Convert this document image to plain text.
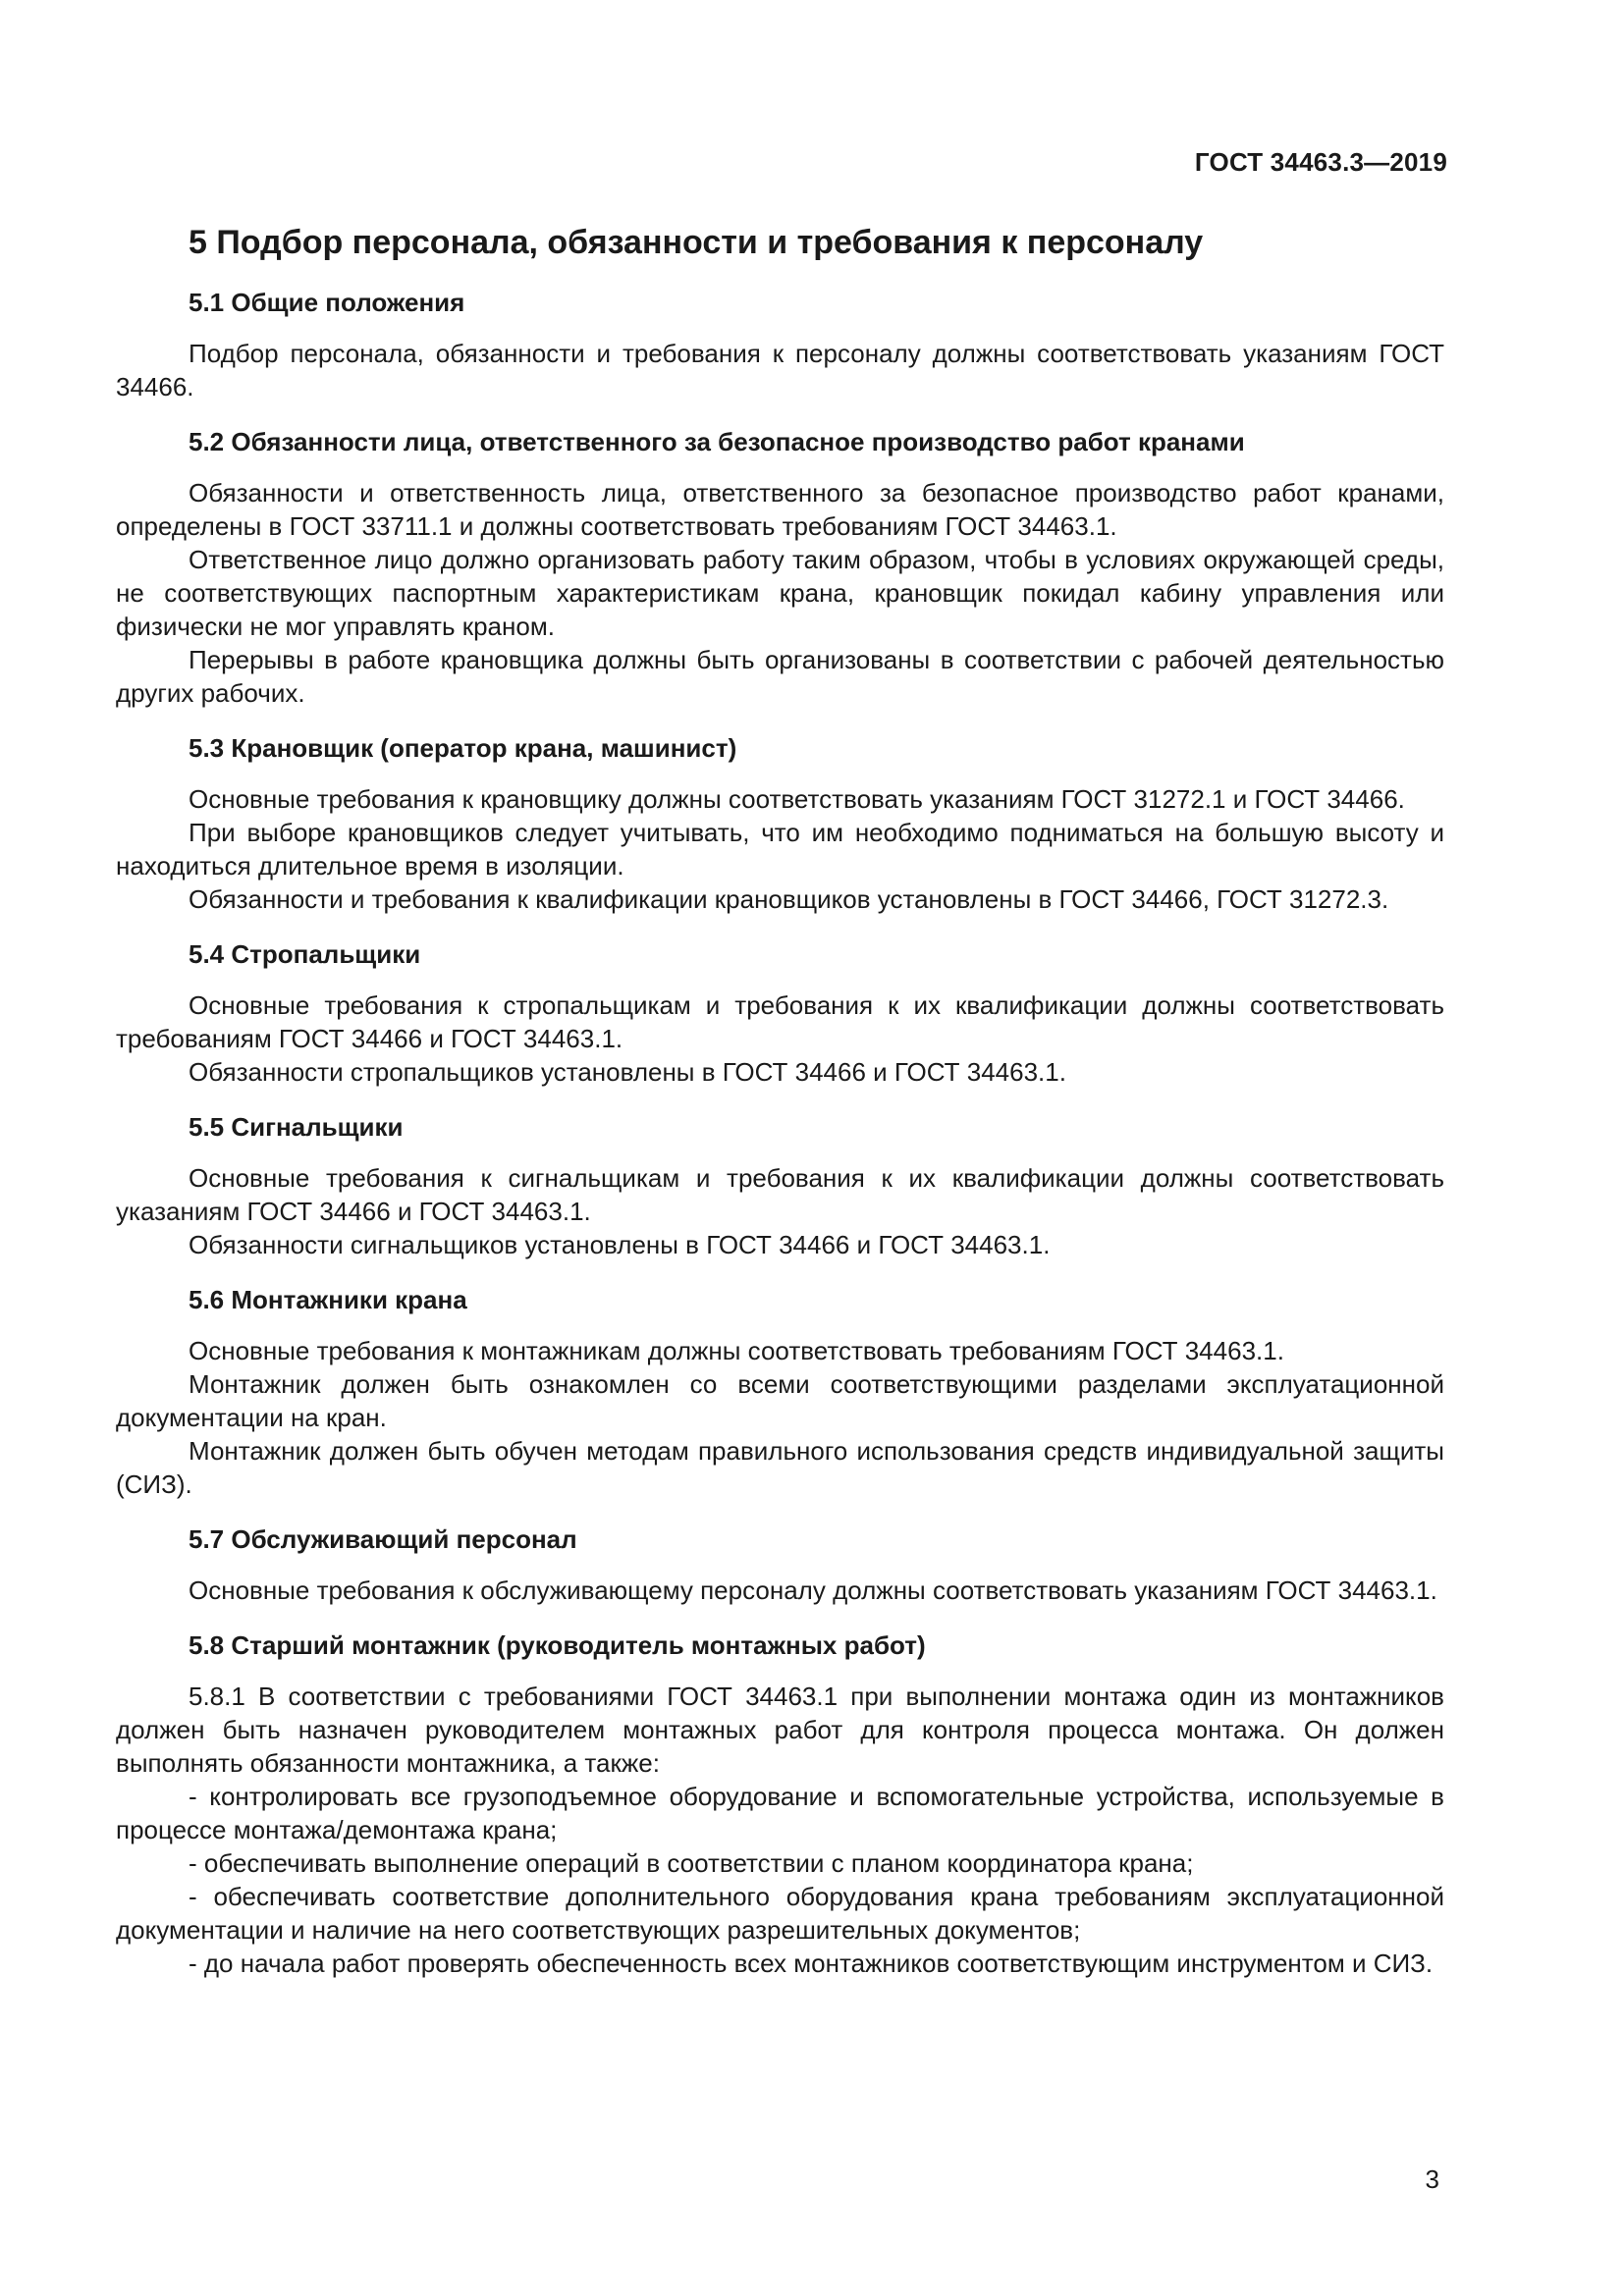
ГОСТ 34463.3—2019
5 Подбор персонала, обязанности и требования к персоналу
5.1 Общие положения

Подбор персонала, обязанности и требования к персоналу должны соответствовать указаниям ГОСТ 34466.

5.2 Обязанности лица, ответственного за безопасное производство работ кранами

Обязанности и ответственность лица, ответственного за безопасное производство работ кранами, определены в ГОСТ 33711.1 и должны соответствовать требованиям ГОСТ 34463.1.

Ответственное лицо должно организовать работу таким образом, чтобы в условиях окружающей среды, не соответствующих паспортным характеристикам крана, крановщик покидал кабину управления или физически не мог управлять краном.

Перерывы в работе крановщика должны быть организованы в соответствии с рабочей деятельностью других рабочих.

5.3 Крановщик (оператор крана, машинист)

Основные требования к крановщику должны соответствовать указаниям ГОСТ 31272.1 и ГОСТ 34466.

При выборе крановщиков следует учитывать, что им необходимо подниматься на большую высоту и находиться длительное время в изоляции.

Обязанности и требования к квалификации крановщиков установлены в ГОСТ 34466, ГОСТ 31272.3.

5.4 Стропальщики

Основные требования к стропальщикам и требования к их квалификации должны соответствовать требованиям ГОСТ 34466 и ГОСТ 34463.1.

Обязанности стропальщиков установлены в ГОСТ 34466 и ГОСТ 34463.1.

5.5 Сигнальщики

Основные требования к сигнальщикам и требования к их квалификации должны соответствовать указаниям ГОСТ 34466 и ГОСТ 34463.1.

Обязанности сигнальщиков установлены в ГОСТ 34466 и ГОСТ 34463.1.

5.6 Монтажники крана

Основные требования к монтажникам должны соответствовать требованиям ГОСТ 34463.1.

Монтажник должен быть ознакомлен со всеми соответствующими разделами эксплуатационной документации на кран.

Монтажник должен быть обучен методам правильного использования средств индивидуальной защиты (СИЗ).

5.7 Обслуживающий персонал

Основные требования к обслуживающему персоналу должны соответствовать указаниям ГОСТ 34463.1.

5.8 Старший монтажник (руководитель монтажных работ)

5.8.1 В соответствии с требованиями ГОСТ 34463.1 при выполнении монтажа один из монтажников должен быть назначен руководителем монтажных работ для контроля процесса монтажа. Он должен выполнять обязанности монтажника, а также:

- контролировать все грузоподъемное оборудование и вспомогательные устройства, используемые в процессе монтажа/демонтажа крана;

- обеспечивать выполнение операций в соответствии с планом координатора крана;

- обеспечивать соответствие дополнительного оборудования крана требованиям эксплуатационной документации и наличие на него соответствующих разрешительных документов;

- до начала работ проверять обеспеченность всех монтажников соответствующим инструментом и СИЗ.

3
